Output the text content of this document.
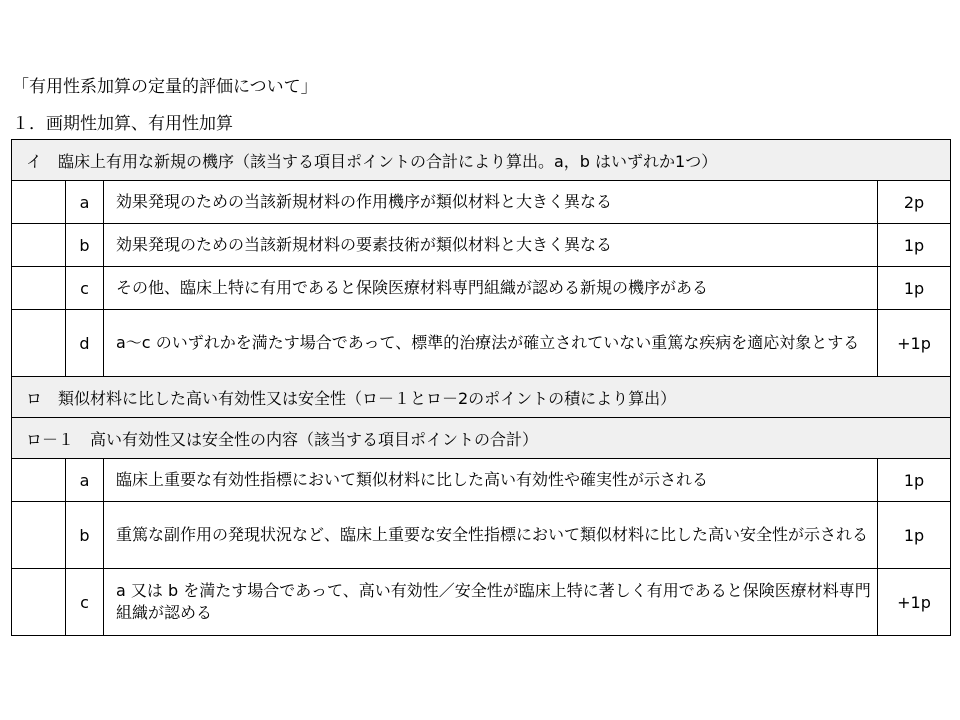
「有用性系加算の定量的評価について」
１．画期性加算、有用性加算
イ　臨床上有用な新規の機序（該当する項目ポイントの合計により算出。a，b はいずれか1つ）			
	a	効果発現のための当該新規材料の作用機序が類似材料と大きく異なる	2p
	b	効果発現のための当該新規材料の要素技術が類似材料と大きく異なる	1p
	c	その他、臨床上特に有用であると保険医療材料専門組織が認める新規の機序がある	1p
	d	a～c のいずれかを満たす場合であって、標準的治療法が確立されていない重篤な疾病を適応対象とする	+1p
ロ　類似材料に比した高い有効性又は安全性（ロ－１とロ－2のポイントの積により算出）			
ロ－１　高い有効性又は安全性の内容（該当する項目ポイントの合計）			
	a	臨床上重要な有効性指標において類似材料に比した高い有効性や確実性が示される	1p
	b	重篤な副作用の発現状況など、臨床上重要な安全性指標において類似材料に比した高い安全性が示される	1p
	c	a 又は b を満たす場合であって、高い有効性／安全性が臨床上特に著しく有用であると保険医療材料専門組織が認める	+1p
